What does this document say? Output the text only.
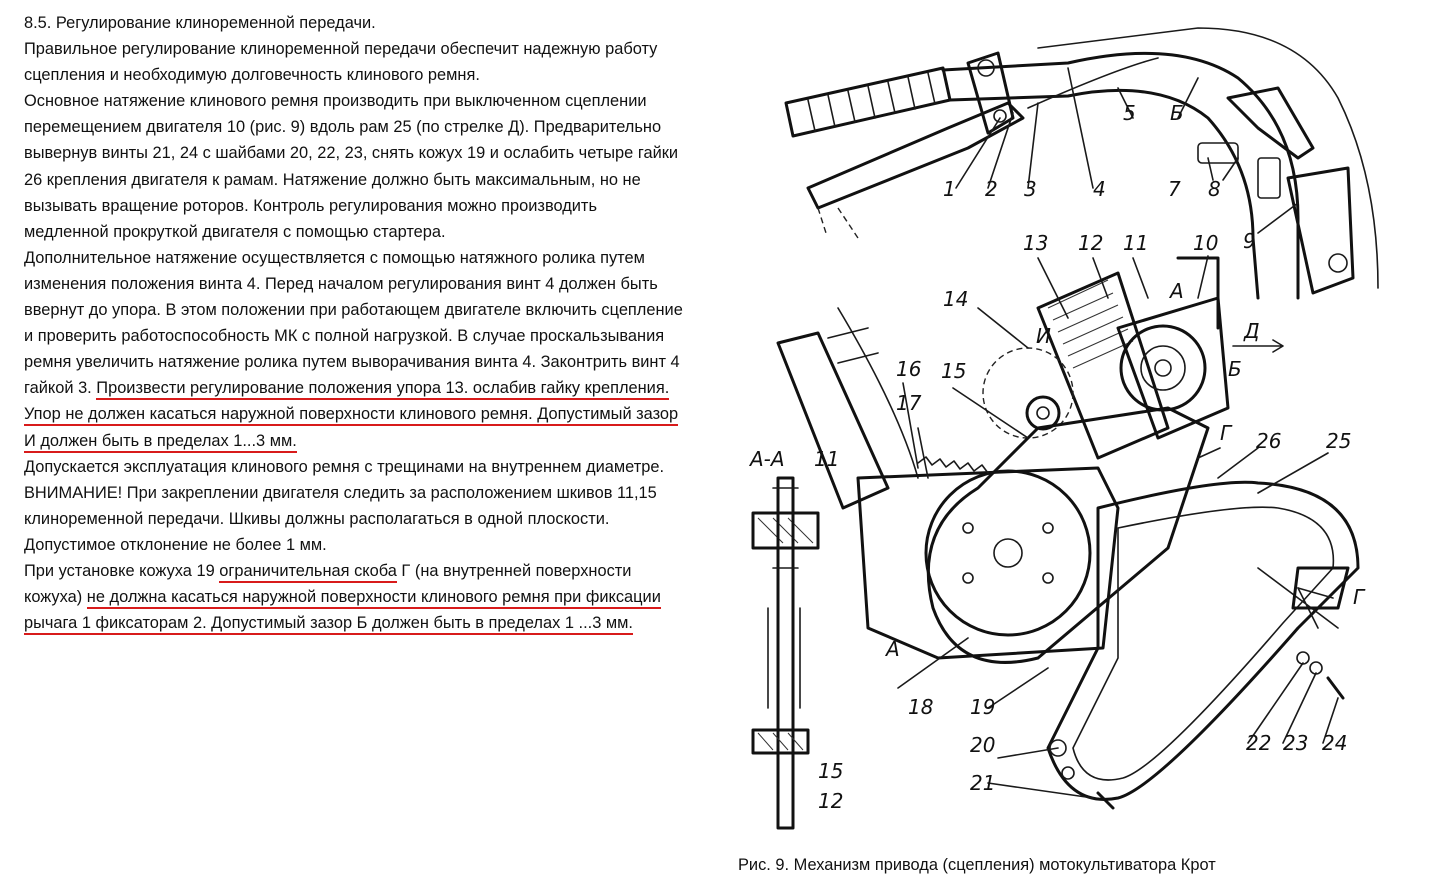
8.5. Регулирование клиноременной передачи.
Правильное регулирование клиноременной передачи обеспечит надежную работу
сцепления и необходимую долговечность клинового ремня.
Основное натяжение клинового ремня производить при выключенном сцеплении
перемещением двигателя 10 (рис. 9) вдоль рам 25 (по стрелке Д). Предварительно
вывернув винты 21, 24 с шайбами 20, 22, 23, снять кожух 19 и ослабить четыре гайки
26 крепления двигателя к рамам. Натяжение должно быть максимальным, но не
вызывать вращение роторов. Контроль регулирования можно производить
медленной прокруткой двигателя с помощью стартера.
Дополнительное натяжение осуществляется с помощью натяжного ролика путем
изменения положения винта 4. Перед началом регулирования винт 4 должен быть
ввернут до упора. В этом положении при работающем двигателе включить сцепление
и проверить работоспособность МК с полной нагрузкой. В случае проскальзывания
ремня увеличить натяжение ролика путем выворачивания винта 4. Законтрить винт 4
гайкой 3. Произвести регулирование положения упора 13. ослабив гайку крепления.
Упор не должен касаться наружной поверхности клинового ремня. Допустимый зазор
И должен быть в пределах 1...3 мм.
Допускается эксплуатация клинового ремня с трещинами на внутреннем диаметре.
ВНИМАНИЕ! При закреплении двигателя следить за расположением шкивов 11,15
клиноременной передачи. Шкивы должны располагаться в одной плоскости.
Допустимое отклонение не более 1 мм.
При установке кожуха 19 ограничительная скоба Г (на внутренней поверхности
кожуха) не должна касаться наружной поверхности клинового ремня при фиксации
рычага 1 фиксаторам 2. Допустимый зазор Б должен быть в пределах 1 ...3 мм.
1 2 3	4
5 Б
7 8
9
10
11
12
13
14
15
16
17
18 19
20
21
22 23 24
25
26
А
А-А
А
Б
Д
И
Г
Г
11
15
12
Рис. 9. Механизм привода (сцепления) мотокультиватора Крот
